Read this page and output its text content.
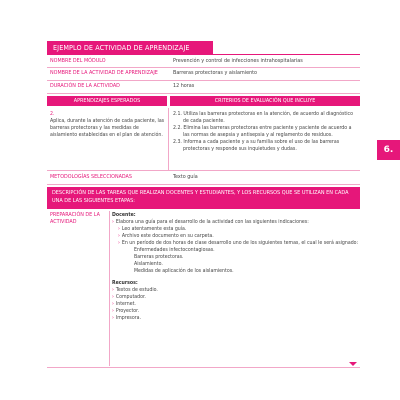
EJEMPLO DE ACTIVIDAD DE APRENDIZAJE
6.
NOMBRE DEL MÓDULO	Prevención y control de infecciones intrahospitalarias
NOMBRE DE LA ACTIVIDAD DE APRENDIZAJE	Barreras protectoras y aislamiento
DURACIÓN DE LA ACTIVIDAD	12 horas
APRENDIZAJES ESPERADOS	CRITERIOS DE EVALUACIÓN QUE INCLUYE
2.
Aplica, durante la atención de cada paciente, las barreras protectoras y las medidas de aislamiento establecidas en el plan de atención.
2.1. Utiliza las barreras protectoras en la atención, de acuerdo al diagnóstico de cada paciente.
2.2. Elimina las barreras protectoras entre paciente y paciente de acuerdo a las normas de asepsia y antisepsia y al reglamento de residuos.
2.3. Informa a cada paciente y a su familia sobre el uso de las barreras protectoras y responde sus inquietudes y dudas.
METODOLOGÍAS SELECCIONADAS	Texto guía
DESCRIPCIÓN DE LAS TAREAS QUE REALIZAN DOCENTES Y ESTUDIANTES, Y LOS RECURSOS QUE SE UTILIZAN EN CADA UNA DE LAS SIGUIENTES ETAPAS:
PREPARACIÓN DE LA ACTIVIDAD
Docente:
› Elabora una guía para el desarrollo de la actividad con las siguientes indicaciones:
› Leo atentamente esta guía.
› Archivo este documento en su carpeta.
› En un período de dos horas de clase desarrollo uno de los siguientes temas, el cual le será asignado:
Enfermedades infectocontagiosas.
Barreras protectoras.
Aislamiento.
Medidas de aplicación de los aislamientos.
Recursos:
› Textos de estudio.
› Computador.
› Internet.
› Proyector.
› Impresora.
